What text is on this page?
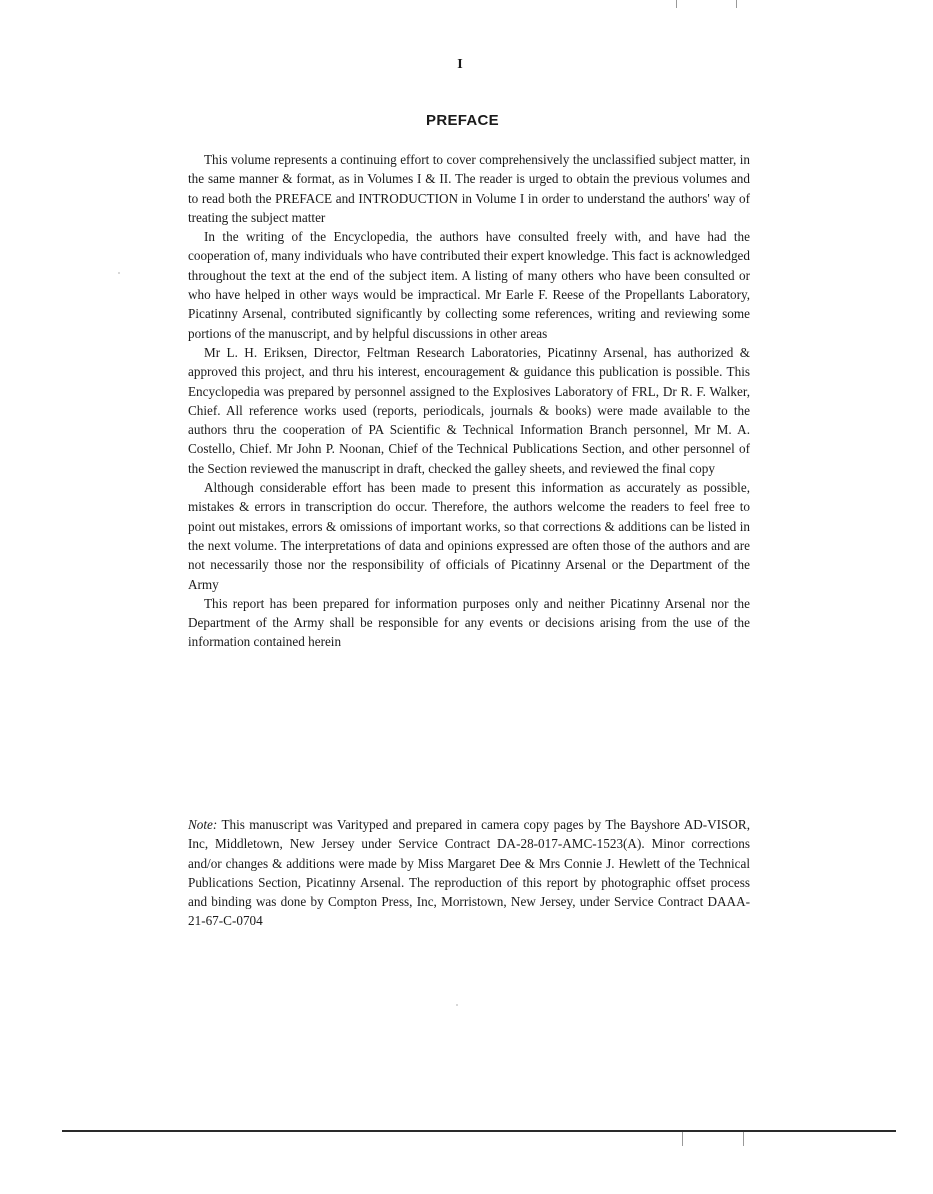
I
PREFACE

This volume represents a continuing effort to cover comprehensively the unclassified subject matter, in the same manner & format, as in Volumes I & II. The reader is urged to obtain the previous volumes and to read both the PREFACE and INTRODUCTION in Volume I in order to understand the authors' way of treating the subject matter

In the writing of the Encyclopedia, the authors have consulted freely with, and have had the cooperation of, many individuals who have contributed their expert knowledge. This fact is acknowledged throughout the text at the end of the subject item. A listing of many others who have been consulted or who have helped in other ways would be impractical. Mr Earle F. Reese of the Propellants Laboratory, Picatinny Arsenal, contributed significantly by collecting some references, writing and reviewing some portions of the manuscript, and by helpful discussions in other areas

Mr L. H. Eriksen, Director, Feltman Research Laboratories, Picatinny Arsenal, has authorized & approved this project, and thru his interest, encouragement & guidance this publication is possible. This Encyclopedia was prepared by personnel assigned to the Explosives Laboratory of FRL, Dr R. F. Walker, Chief. All reference works used (reports, periodicals, journals & books) were made available to the authors thru the cooperation of PA Scientific & Technical Information Branch personnel, Mr M. A. Costello, Chief. Mr John P. Noonan, Chief of the Technical Publications Section, and other personnel of the Section reviewed the manuscript in draft, checked the galley sheets, and reviewed the final copy

Although considerable effort has been made to present this information as accurately as possible, mistakes & errors in transcription do occur. Therefore, the authors welcome the readers to feel free to point out mistakes, errors & omissions of important works, so that corrections & additions can be listed in the next volume. The interpretations of data and opinions expressed are often those of the authors and are not necessarily those nor the responsibility of officials of Picatinny Arsenal or the Department of the Army

This report has been prepared for information purposes only and neither Picatinny Arsenal nor the Department of the Army shall be responsible for any events or decisions arising from the use of the information contained herein

Note: This manuscript was Varityped and prepared in camera copy pages by The Bayshore AD-VISOR, Inc, Middletown, New Jersey under Service Contract DA-28-017-AMC-1523(A). Minor corrections and/or changes & additions were made by Miss Margaret Dee & Mrs Connie J. Hewlett of the Technical Publications Section, Picatinny Arsenal. The reproduction of this report by photographic offset process and binding was done by Compton Press, Inc, Morristown, New Jersey, under Service Contract DAAA-21-67-C-0704
